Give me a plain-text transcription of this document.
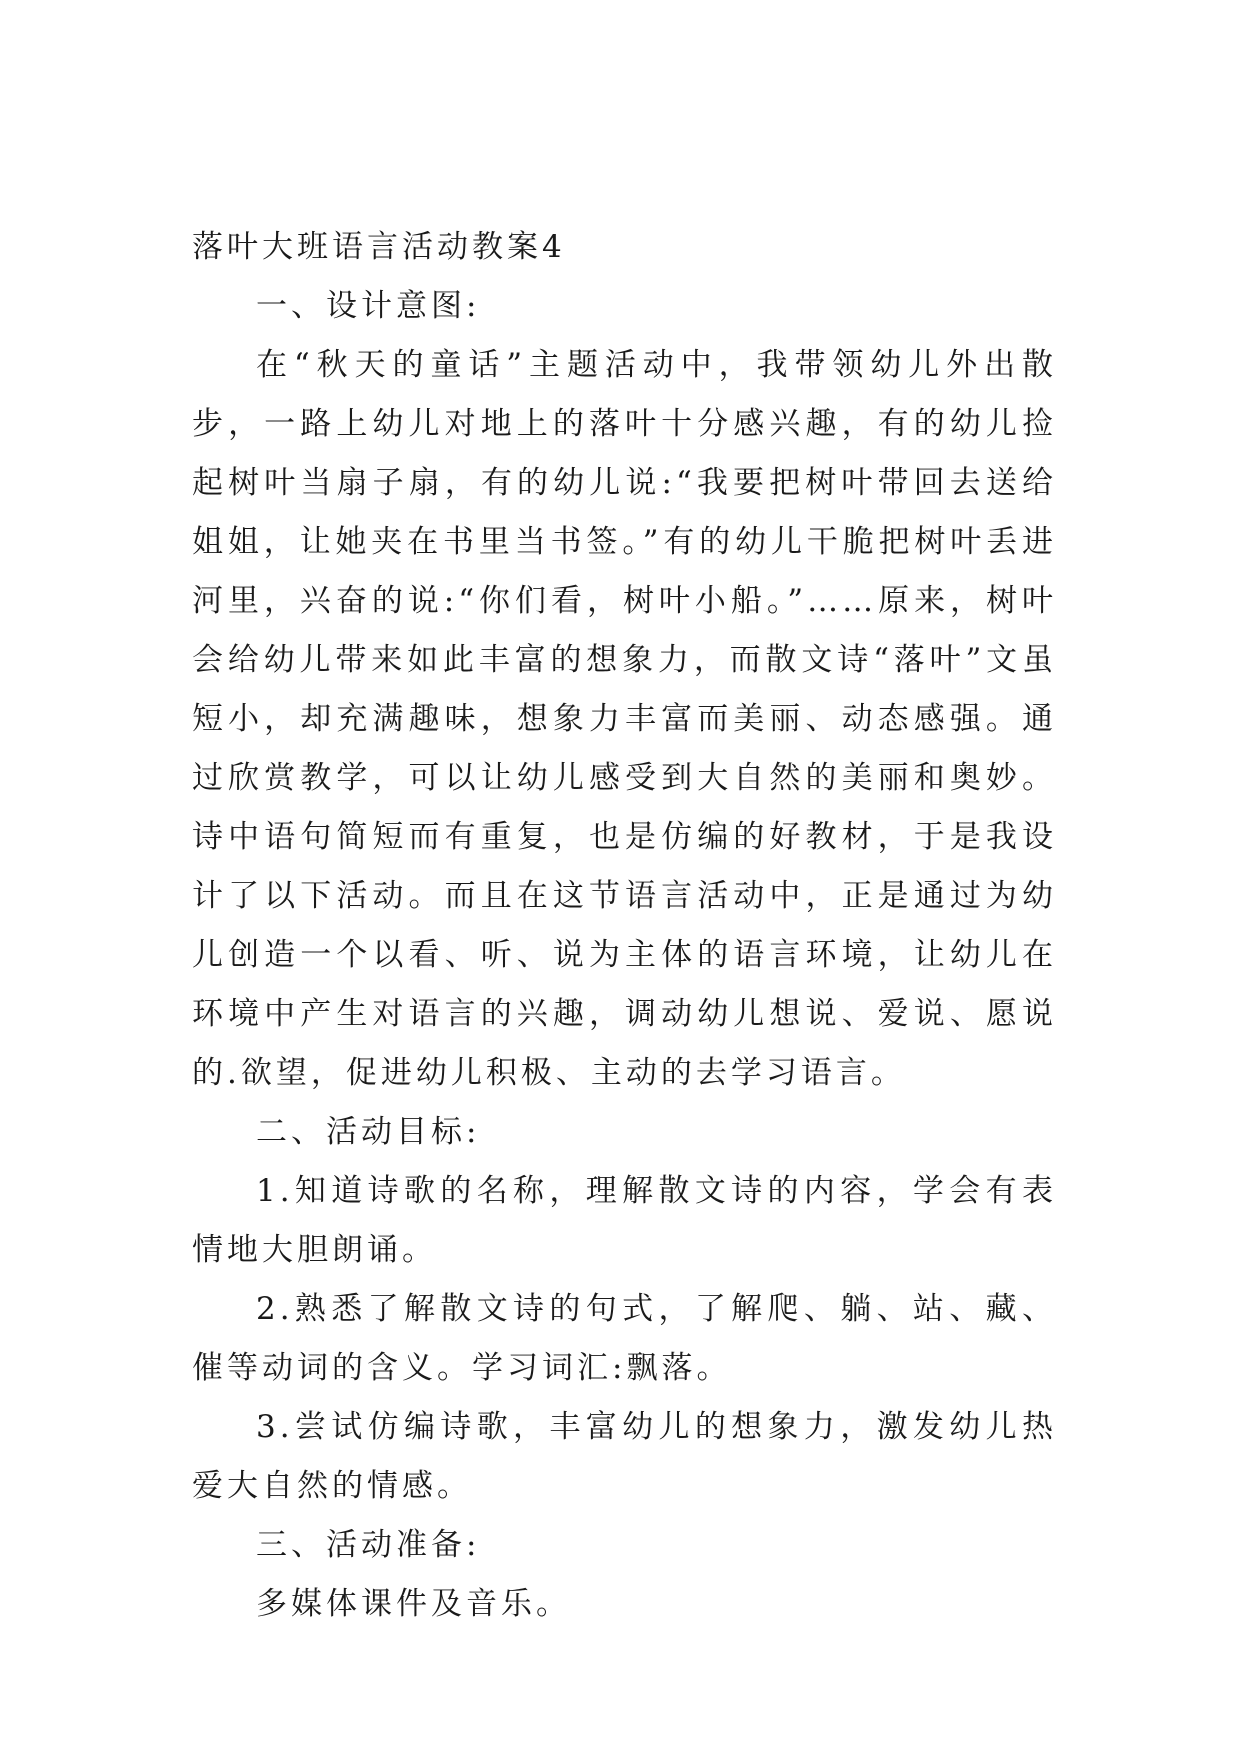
落叶大班语言活动教案4

一、设计意图:

在“秋天的童话”主题活动中，我带领幼儿外出散步，一路上幼儿对地上的落叶十分感兴趣，有的幼儿捡起树叶当扇子扇，有的幼儿说:“我要把树叶带回去送给姐姐，让她夹在书里当书签。”有的幼儿干脆把树叶丢进河里，兴奋的说:“你们看，树叶小船。”……原来，树叶会给幼儿带来如此丰富的想象力，而散文诗“落叶”文虽短小，却充满趣味，想象力丰富而美丽、动态感强。通过欣赏教学，可以让幼儿感受到大自然的美丽和奥妙。诗中语句简短而有重复，也是仿编的好教材，于是我设计了以下活动。而且在这节语言活动中，正是通过为幼儿创造一个以看、听、说为主体的语言环境，让幼儿在环境中产生对语言的兴趣，调动幼儿想说、爱说、愿说的.欲望，促进幼儿积极、主动的去学习语言。

二、活动目标:

1.知道诗歌的名称，理解散文诗的内容，学会有表情地大胆朗诵。

2.熟悉了解散文诗的句式，了解爬、躺、站、藏、催等动词的含义。学习词汇:飘落。

3.尝试仿编诗歌，丰富幼儿的想象力，激发幼儿热爱大自然的情感。

三、活动准备:

多媒体课件及音乐。
